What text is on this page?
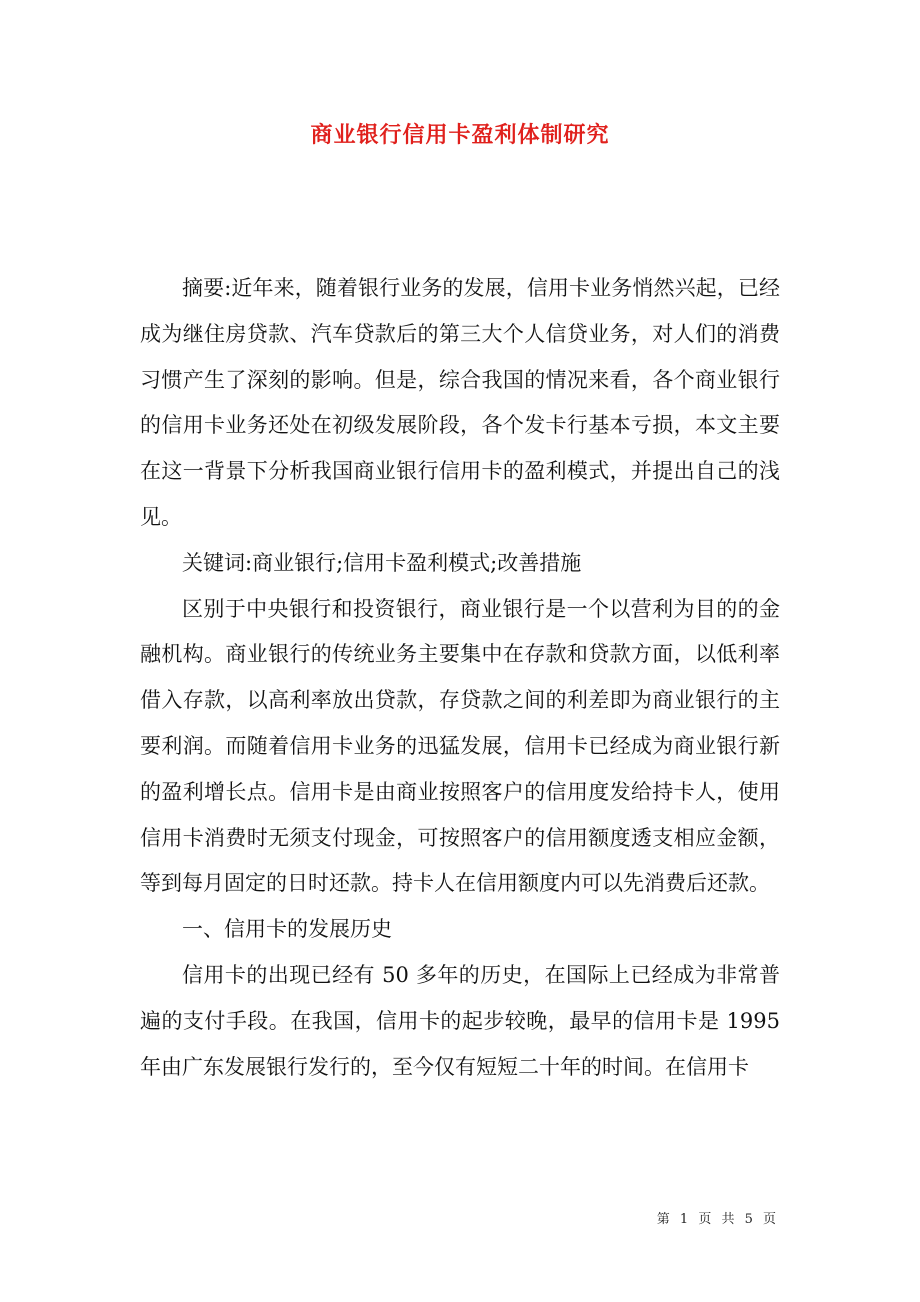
商业银行信用卡盈利体制研究

摘要:近年来，随着银行业务的发展，信用卡业务悄然兴起，已经成为继住房贷款、汽车贷款后的第三大个人信贷业务，对人们的消费习惯产生了深刻的影响。但是，综合我国的情况来看，各个商业银行的信用卡业务还处在初级发展阶段，各个发卡行基本亏损，本文主要在这一背景下分析我国商业银行信用卡的盈利模式，并提出自己的浅见。

关键词:商业银行;信用卡盈利模式;改善措施

区别于中央银行和投资银行，商业银行是一个以营利为目的的金融机构。商业银行的传统业务主要集中在存款和贷款方面，以低利率借入存款，以高利率放出贷款，存贷款之间的利差即为商业银行的主要利润。而随着信用卡业务的迅猛发展，信用卡已经成为商业银行新的盈利增长点。信用卡是由商业按照客户的信用度发给持卡人，使用信用卡消费时无须支付现金，可按照客户的信用额度透支相应金额，等到每月固定的日时还款。持卡人在信用额度内可以先消费后还款。

一、信用卡的发展历史

信用卡的出现已经有 50 多年的历史，在国际上已经成为非常普遍的支付手段。在我国，信用卡的起步较晚，最早的信用卡是 1995 年由广东发展银行发行的，至今仅有短短二十年的时间。在信用卡

第 1 页 共 5 页
